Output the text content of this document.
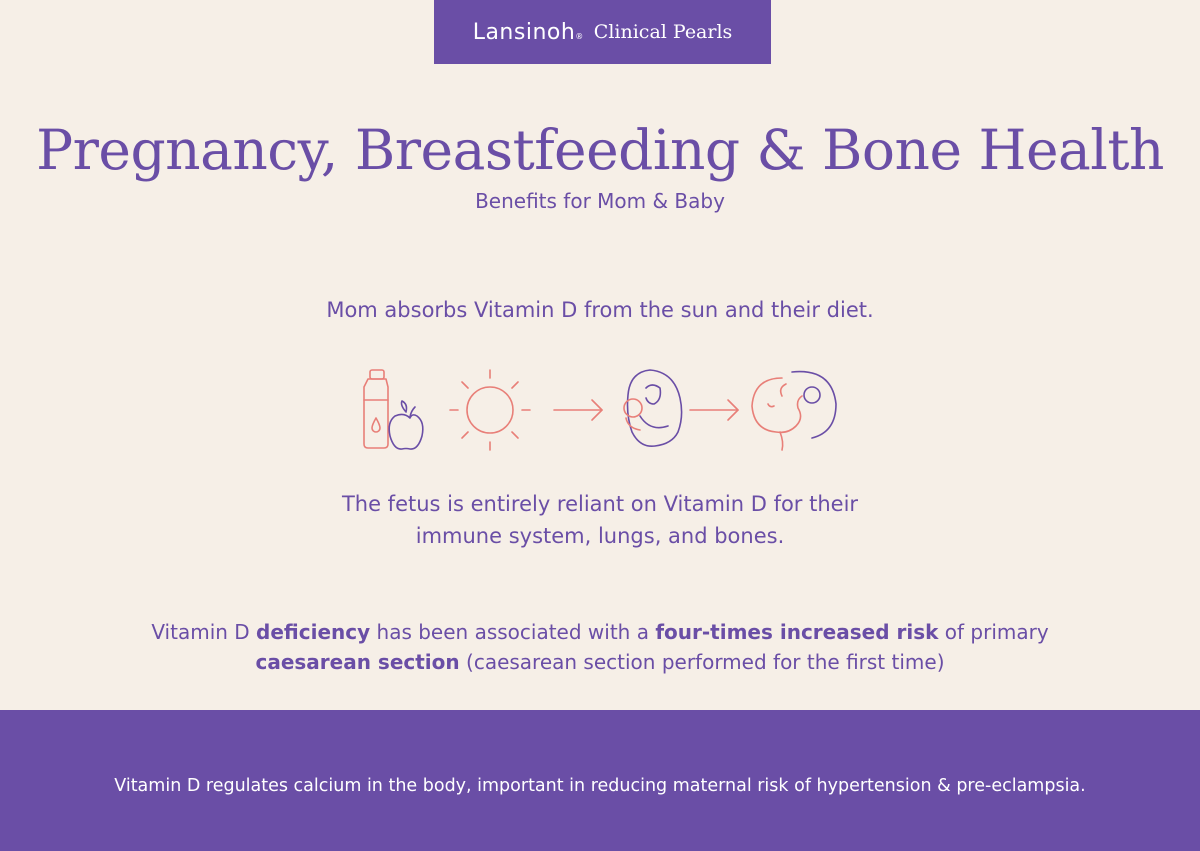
Lansinoh® Clinical Pearls
Pregnancy, Breastfeeding & Bone Health
Benefits for Mom & Baby
Mom absorbs Vitamin D from the sun and their diet.
The fetus is entirely reliant on Vitamin D for their
immune system, lungs, and bones.
Vitamin D deficiency has been associated with a four-times increased risk of primary
caesarean section (caesarean section performed for the first time)
Vitamin D regulates calcium in the body, important in reducing maternal risk of hypertension & pre-eclampsia.
